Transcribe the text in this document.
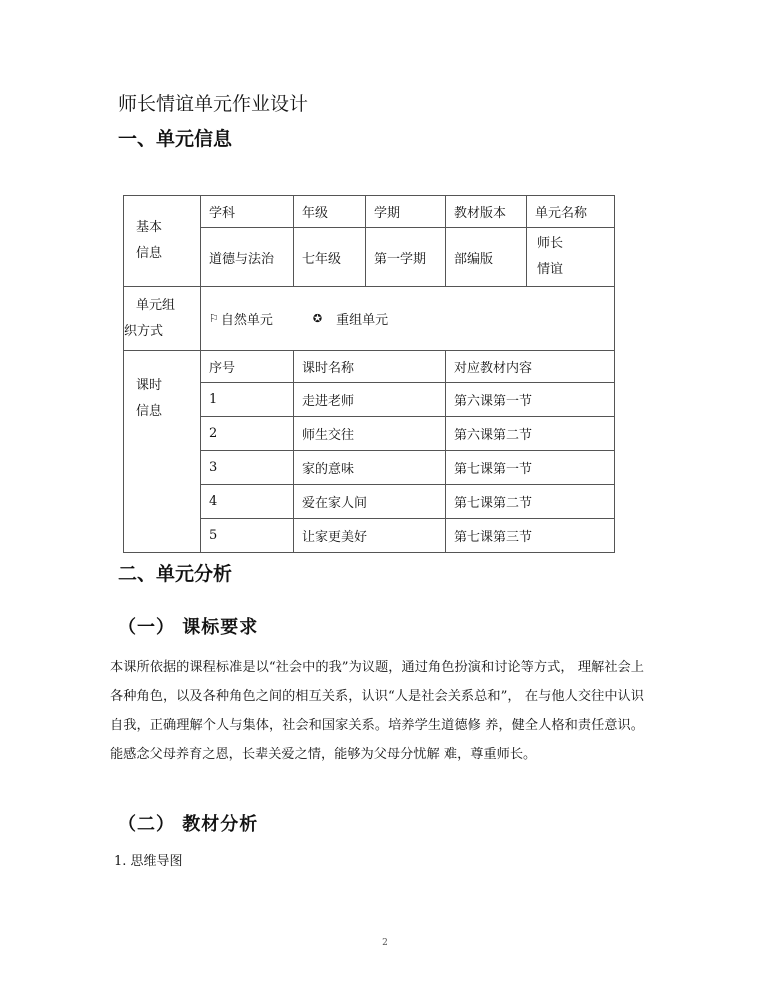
师长情谊单元作业设计
一、单元信息
基本
信息	学科	年级	学期	教材版本	单元名称
	道德与法治	七年级	第一学期	部编版	师长
情谊

单元组
织方式	⚐ 自然单元 ✪ 重组单元				

课时
信息	序号	课时名称		对应教材内容	
	1	走进老师		第六课第一节	
	2	师生交往		第六课第二节	
	3	家的意味		第七课第一节	
	4	爱在家人间		第七课第二节	
	5	让家更美好		第七课第三节	
二、单元分析
（一） 课标要求

本课所依据的课程标准是以“社会中的我”为议题，通过角色扮演和讨论等方式， 理解社会上各种角色，以及各种角色之间的相互关系，认识“人是社会关系总和”， 在与他人交往中认识自我，正确理解个人与集体，社会和国家关系。培养学生道德修 养，健全人格和责任意识。能感念父母养育之恩，长辈关爱之情，能够为父母分忧解 难，尊重师长。

（二） 教材分析
1. 思维导图
2
